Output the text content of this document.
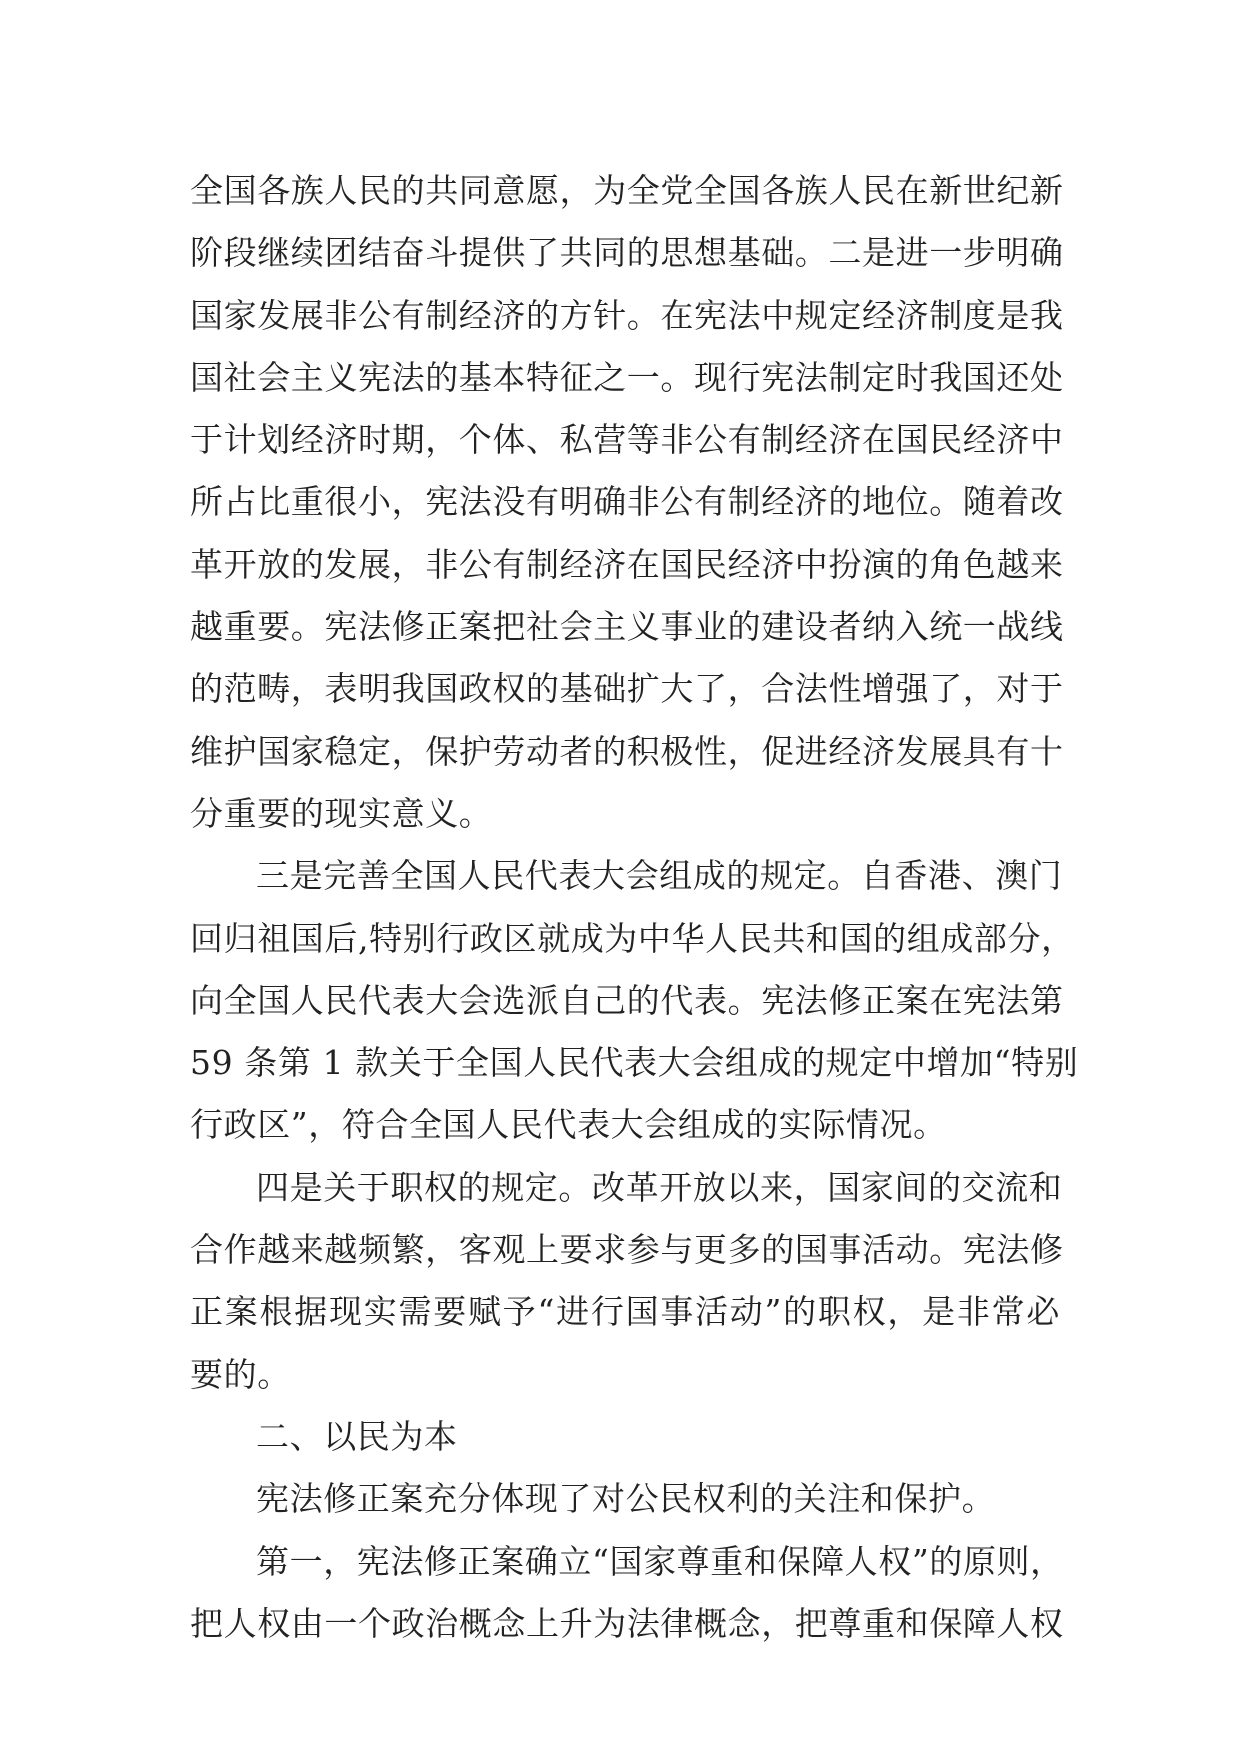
全国各族人民的共同意愿，为全党全国各族人民在新世纪新
阶段继续团结奋斗提供了共同的思想基础。二是进一步明确
国家发展非公有制经济的方针。在宪法中规定经济制度是我
国社会主义宪法的基本特征之一。现行宪法制定时我国还处
于计划经济时期，个体、私营等非公有制经济在国民经济中
所占比重很小，宪法没有明确非公有制经济的地位。随着改
革开放的发展，非公有制经济在国民经济中扮演的角色越来
越重要。宪法修正案把社会主义事业的建设者纳入统一战线
的范畴，表明我国政权的基础扩大了，合法性增强了，对于
维护国家稳定，保护劳动者的积极性，促进经济发展具有十
分重要的现实意义。
三是完善全国人民代表大会组成的规定。自香港、澳门
回归祖国后,特别行政区就成为中华人民共和国的组成部分，
向全国人民代表大会选派自己的代表。宪法修正案在宪法第
59 条第 1 款关于全国人民代表大会组成的规定中增加“特别
行政区”，符合全国人民代表大会组成的实际情况。
四是关于职权的规定。改革开放以来，国家间的交流和
合作越来越频繁，客观上要求参与更多的国事活动。宪法修
正案根据现实需要赋予“进行国事活动”的职权，是非常必
要的。
二、以民为本
宪法修正案充分体现了对公民权利的关注和保护。
第一，宪法修正案确立“国家尊重和保障人权”的原则，
把人权由一个政治概念上升为法律概念，把尊重和保障人权
